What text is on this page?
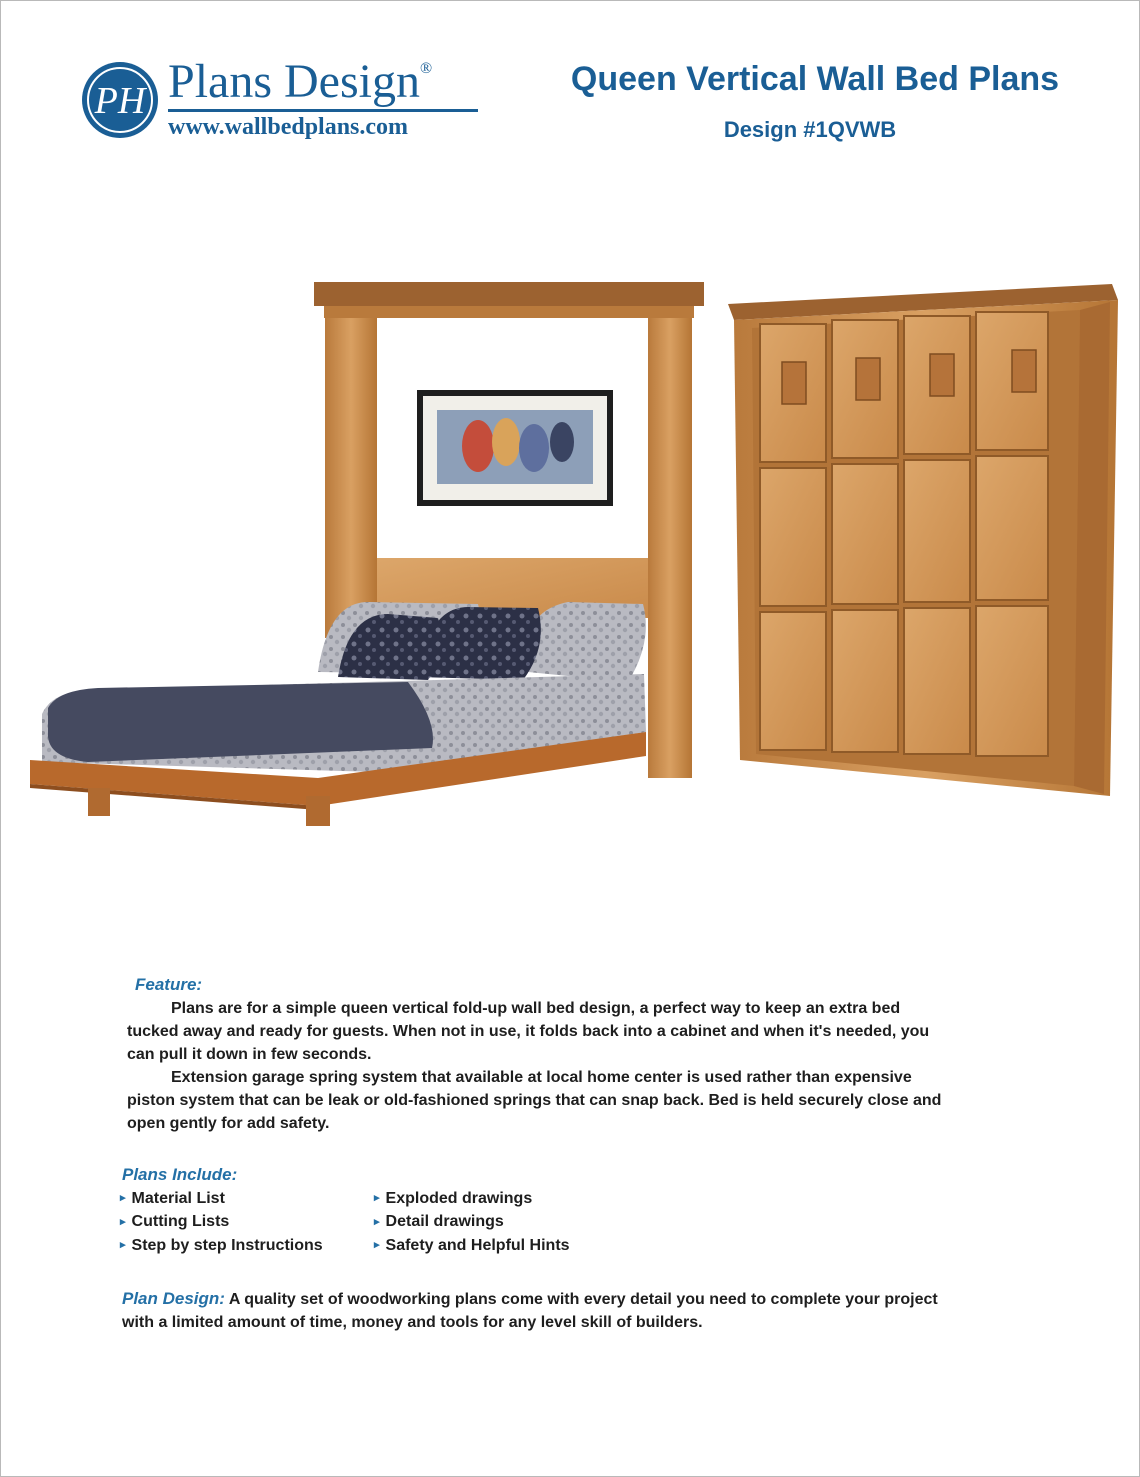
PH Plans Design®
www.wallbedplans.com
Queen Vertical Wall Bed Plans
Design #1QVWB
Feature:

Plans are for a simple queen vertical fold-up wall bed design, a perfect way to keep an extra bed tucked away and ready for guests. When not in use, it folds back into a cabinet and when it's needed, you can pull it down in few seconds.

Extension garage spring system that available at local home center is used rather than expensive piston system that can be leak or old-fashioned springs that can snap back. Bed is held securely close and open gently for add safety.

Plans Include:
▸ Material List
▸ Cutting Lists
▸ Step by step Instructions
▸ Exploded drawings
▸ Detail drawings
▸ Safety and Helpful Hints

Plan Design: A quality set of woodworking plans come with every detail you need to complete your project with a limited amount of time, money and tools for any level skill of builders.
